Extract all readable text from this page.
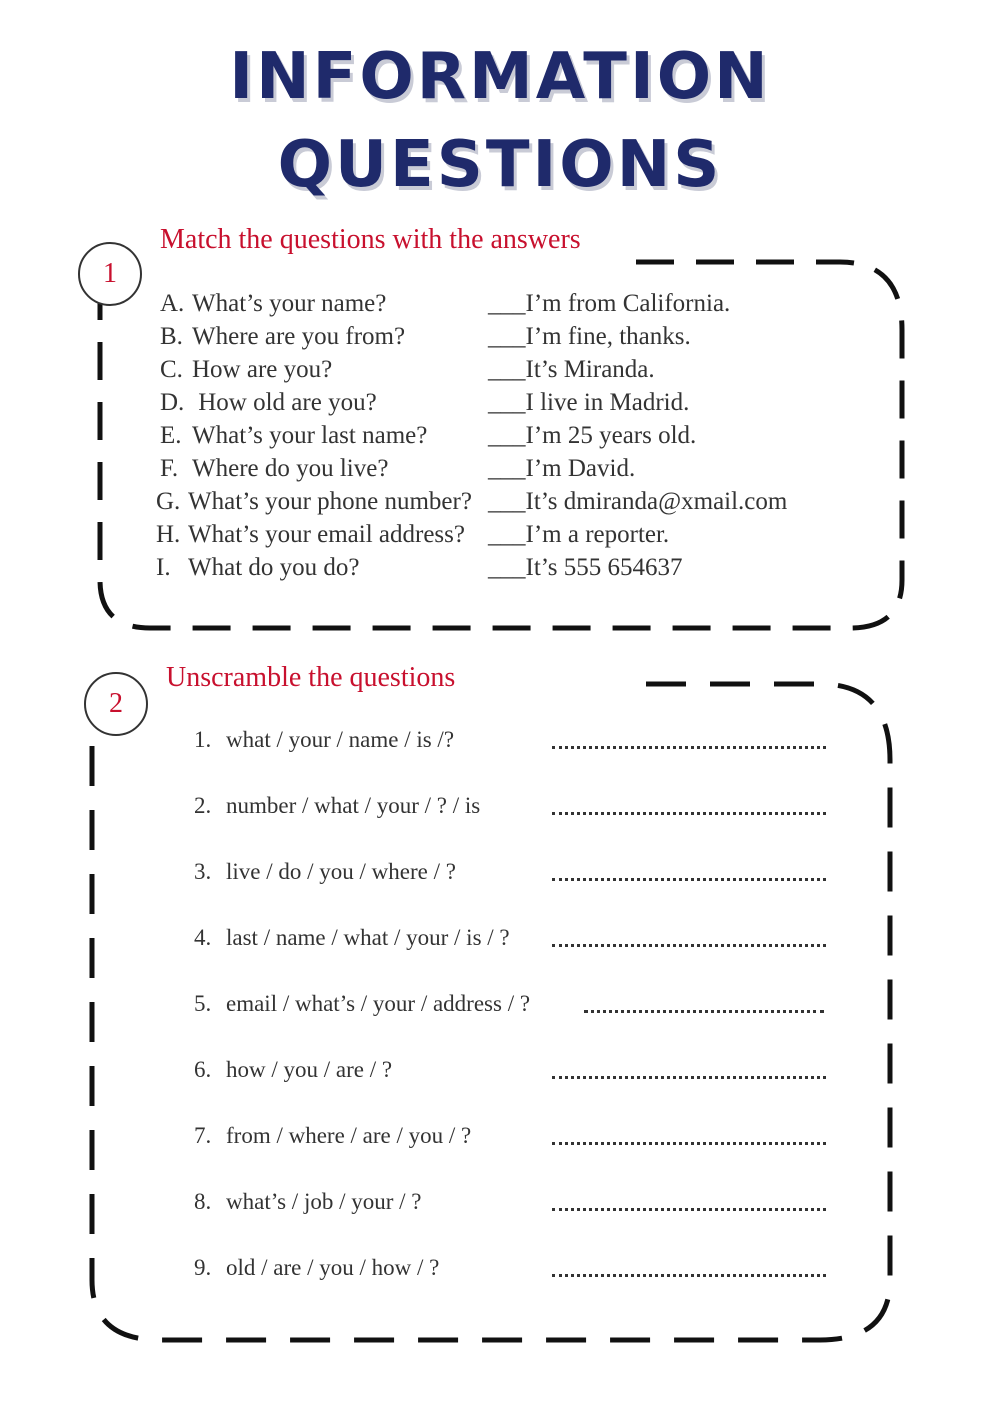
INFORMATION
QUESTIONS
1
Match the questions with the answers
A. What’s your name?
B. Where are you from?
C. How are you?
D. How old are you?
E. What’s your last name?
F. Where do you live?
G. What’s your phone number?
H. What’s your email address?
I. What do you do?
___I’m from California.
___I’m fine, thanks.
___It’s Miranda.
___I live in Madrid.
___I’m 25 years old.
___I’m David.
___It’s dmiranda@xmail.com
___I’m a reporter.
___It’s 555 654637
2
Unscramble the questions
1. what / your / name / is /?
2. number / what / your / ? / is
3. live / do / you / where / ?
4. last / name / what / your / is / ?
5. email / what’s / your / address / ?
6. how / you / are / ?
7. from / where / are / you / ?
8. what’s / job / your / ?
9. old / are / you / how / ?
